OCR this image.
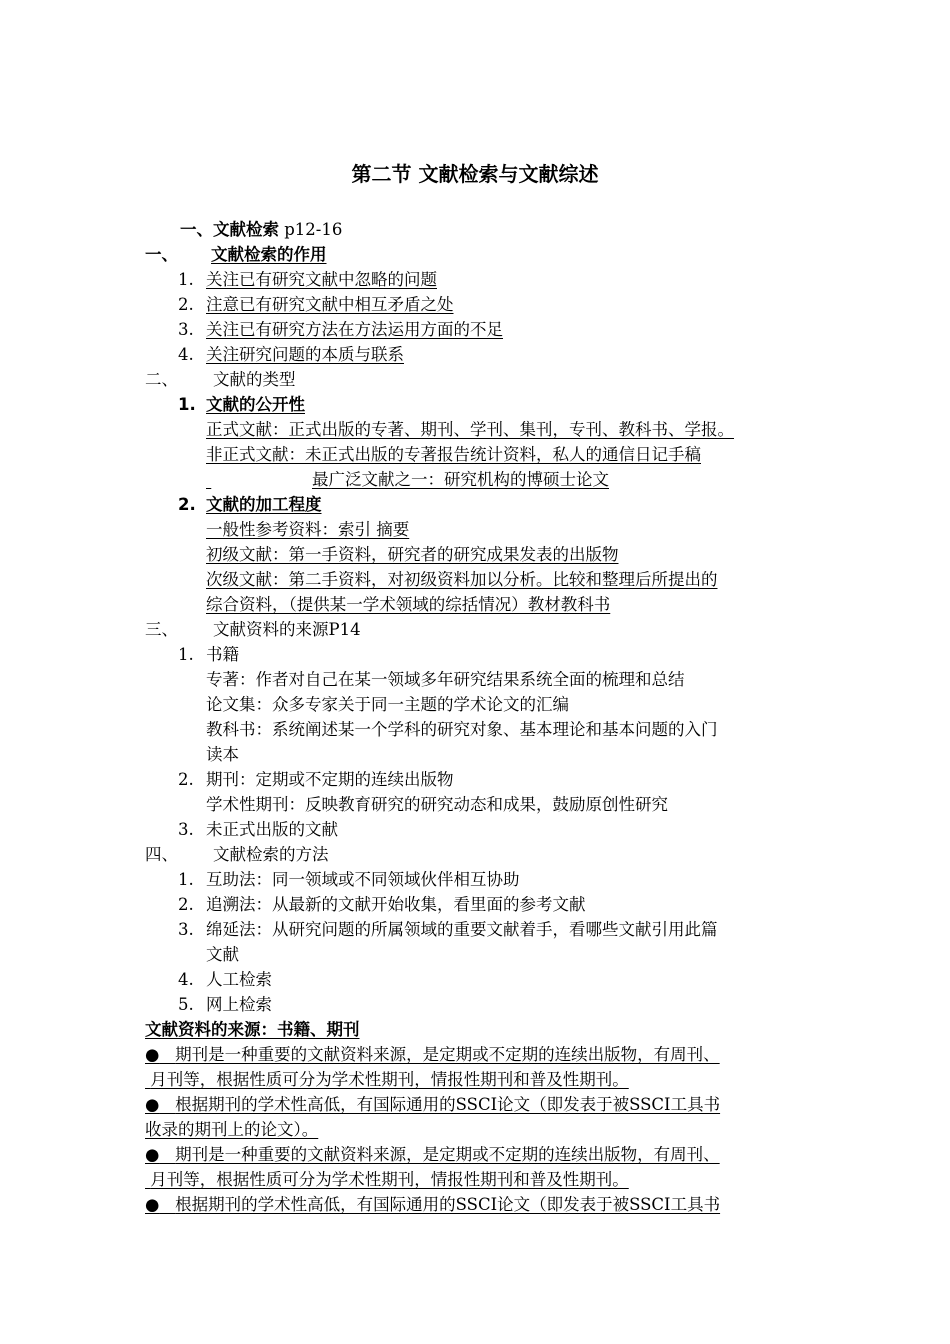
第二节 文献检索与文献综述
一、文献检索 p12-16
一、 文献检索的作用
1. 关注已有研究文献中忽略的问题
2. 注意已有研究文献中相互矛盾之处
3. 关注已有研究方法在方法运用方面的不足
4. 关注研究问题的本质与联系
二、 文献的类型
1. 文献的公开性
正式文献：正式出版的专著、期刊、学刊、集刊，专刊、教科书、学报。
非正式文献：未正式出版的专著报告统计资料，私人的通信日记手稿
最广泛文献之一：研究机构的博硕士论文
2. 文献的加工程度
一般性参考资料：索引 摘要
初级文献：第一手资料，研究者的研究成果发表的出版物
次级文献：第二手资料，对初级资料加以分析。比较和整理后所提出的
综合资料，（提供某一学术领域的综括情况）教材教科书
三、 文献资料的来源P14
1. 书籍
专著：作者对自己在某一领域多年研究结果系统全面的梳理和总结
论文集：众多专家关于同一主题的学术论文的汇编
教科书：系统阐述某一个学科的研究对象、基本理论和基本问题的入门
读本
2. 期刊：定期或不定期的连续出版物
学术性期刊：反映教育研究的研究动态和成果，鼓励原创性研究
3. 未正式出版的文献
四、 文献检索的方法
1. 互助法：同一领域或不同领域伙伴相互协助
2. 追溯法：从最新的文献开始收集，看里面的参考文献
3. 绵延法：从研究问题的所属领域的重要文献着手，看哪些文献引用此篇
文献
4. 人工检索
5. 网上检索
文献资料的来源：书籍、期刊
● 期刊是一种重要的文献资料来源，是定期或不定期的连续出版物，有周刊、
月刊等，根据性质可分为学术性期刊，情报性期刊和普及性期刊。
● 根据期刊的学术性高低，有国际通用的SSCI论文（即发表于被SSCI工具书
收录的期刊上的论文）。
● 期刊是一种重要的文献资料来源，是定期或不定期的连续出版物，有周刊、
月刊等，根据性质可分为学术性期刊，情报性期刊和普及性期刊。
● 根据期刊的学术性高低，有国际通用的SSCI论文（即发表于被SSCI工具书
